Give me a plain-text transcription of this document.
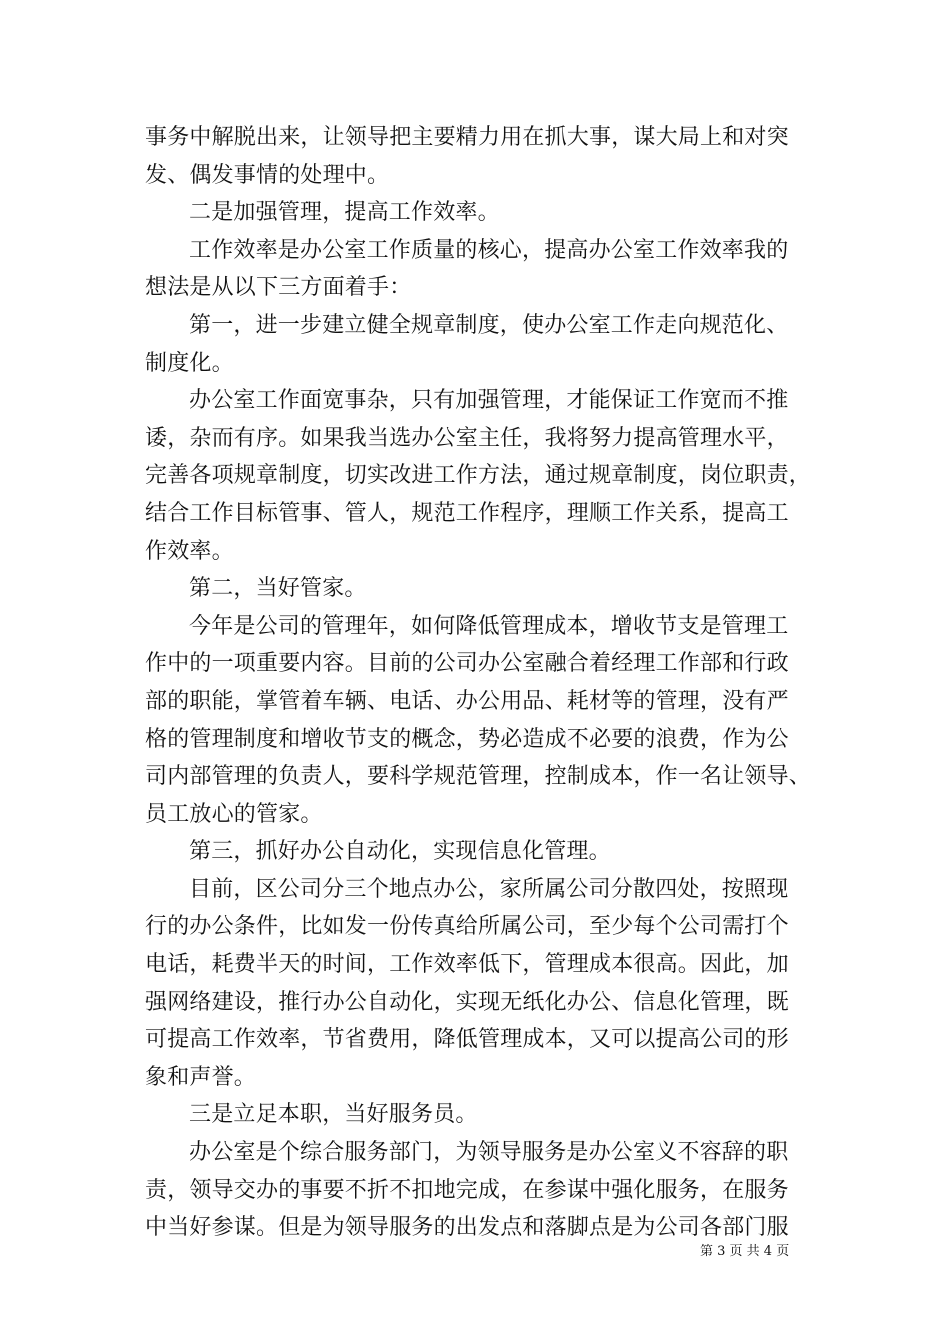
事务中解脱出来，让领导把主要精力用在抓大事，谋大局上和对突
发、偶发事情的处理中。
二是加强管理，提高工作效率。
工作效率是办公室工作质量的核心，提高办公室工作效率我的
想法是从以下三方面着手：
第一，进一步建立健全规章制度，使办公室工作走向规范化、
制度化。
办公室工作面宽事杂，只有加强管理，才能保证工作宽而不推
诿，杂而有序。如果我当选办公室主任，我将努力提高管理水平，
完善各项规章制度，切实改进工作方法，通过规章制度，岗位职责，
结合工作目标管事、管人，规范工作程序，理顺工作关系，提高工
作效率。
第二，当好管家。
今年是公司的管理年，如何降低管理成本，增收节支是管理工
作中的一项重要内容。目前的公司办公室融合着经理工作部和行政
部的职能，掌管着车辆、电话、办公用品、耗材等的管理，没有严
格的管理制度和增收节支的概念，势必造成不必要的浪费，作为公
司内部管理的负责人，要科学规范管理，控制成本，作一名让领导、
员工放心的管家。
第三，抓好办公自动化，实现信息化管理。
目前，区公司分三个地点办公，家所属公司分散四处，按照现
行的办公条件，比如发一份传真给所属公司，至少每个公司需打个
电话，耗费半天的时间，工作效率低下，管理成本很高。因此，加
强网络建设，推行办公自动化，实现无纸化办公、信息化管理，既
可提高工作效率，节省费用，降低管理成本，又可以提高公司的形
象和声誉。
三是立足本职，当好服务员。
办公室是个综合服务部门，为领导服务是办公室义不容辞的职
责，领导交办的事要不折不扣地完成，在参谋中强化服务，在服务
中当好参谋。但是为领导服务的出发点和落脚点是为公司各部门服
第 3 页 共 4 页
